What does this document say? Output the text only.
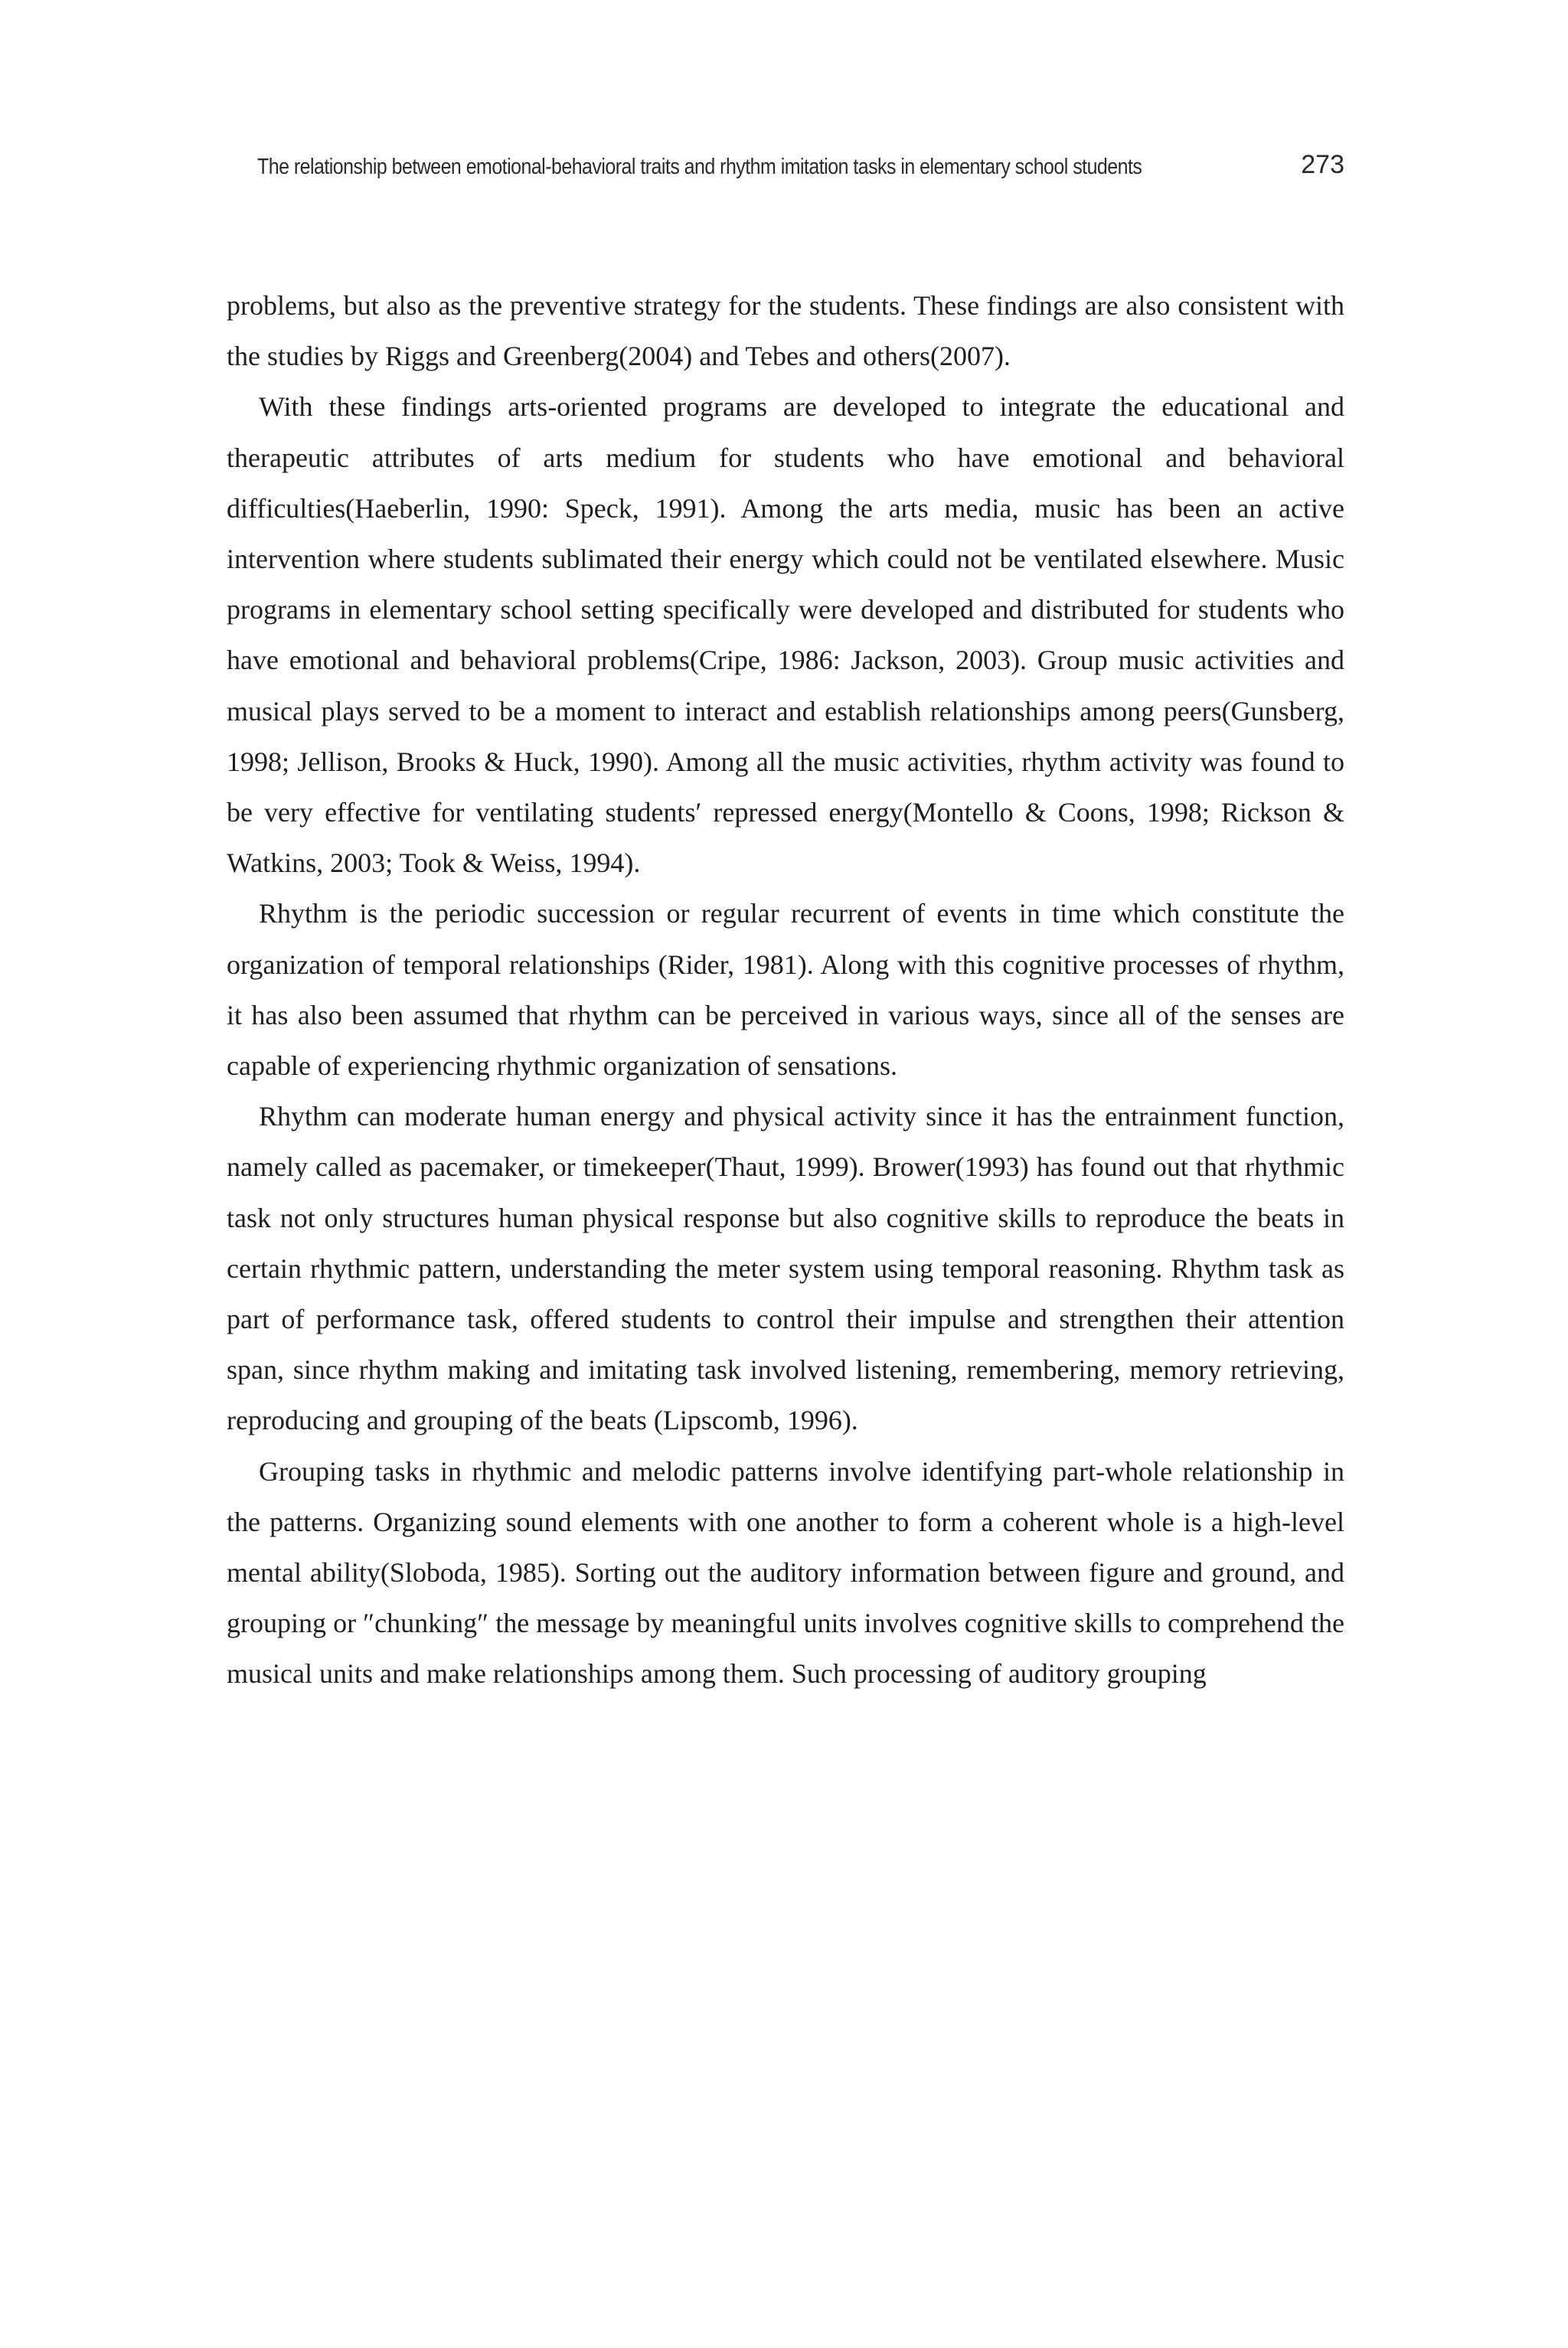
The relationship between emotional-behavioral traits and rhythm imitation tasks in elementary school students	273

problems, but also as the preventive strategy for the students. These findings are also consistent with the studies by Riggs and Greenberg(2004) and Tebes and others(2007).

With these findings arts-oriented programs are developed to integrate the educational and therapeutic attributes of arts medium for students who have emotional and behavioral difficulties(Haeberlin, 1990: Speck, 1991). Among the arts media, music has been an active intervention where students sublimated their energy which could not be ventilated elsewhere. Music programs in elementary school setting specifically were developed and distributed for students who have emotional and behavioral problems(Cripe, 1986: Jackson, 2003). Group music activities and musical plays served to be a moment to interact and establish relationships among peers(Gunsberg, 1998; Jellison, Brooks & Huck, 1990). Among all the music activities, rhythm activity was found to be very effective for ventilating students′ repressed energy(Montello & Coons, 1998; Rickson & Watkins, 2003; Took & Weiss, 1994).

Rhythm is the periodic succession or regular recurrent of events in time which constitute the organization of temporal relationships (Rider, 1981). Along with this cognitive processes of rhythm, it has also been assumed that rhythm can be perceived in various ways, since all of the senses are capable of experiencing rhythmic organization of sensations.

Rhythm can moderate human energy and physical activity since it has the entrainment function, namely called as pacemaker, or timekeeper(Thaut, 1999). Brower(1993) has found out that rhythmic task not only structures human physical response but also cognitive skills to reproduce the beats in certain rhythmic pattern, understanding the meter system using temporal reasoning. Rhythm task as part of performance task, offered students to control their impulse and strengthen their attention span, since rhythm making and imitating task involved listening, remembering, memory retrieving, reproducing and grouping of the beats (Lipscomb, 1996).

Grouping tasks in rhythmic and melodic patterns involve identifying part-whole relationship in the patterns. Organizing sound elements with one another to form a coherent whole is a high-level mental ability(Sloboda, 1985). Sorting out the auditory information between figure and ground, and grouping or ″chunking″ the message by meaningful units involves cognitive skills to comprehend the musical units and make relationships among them. Such processing of auditory grouping
